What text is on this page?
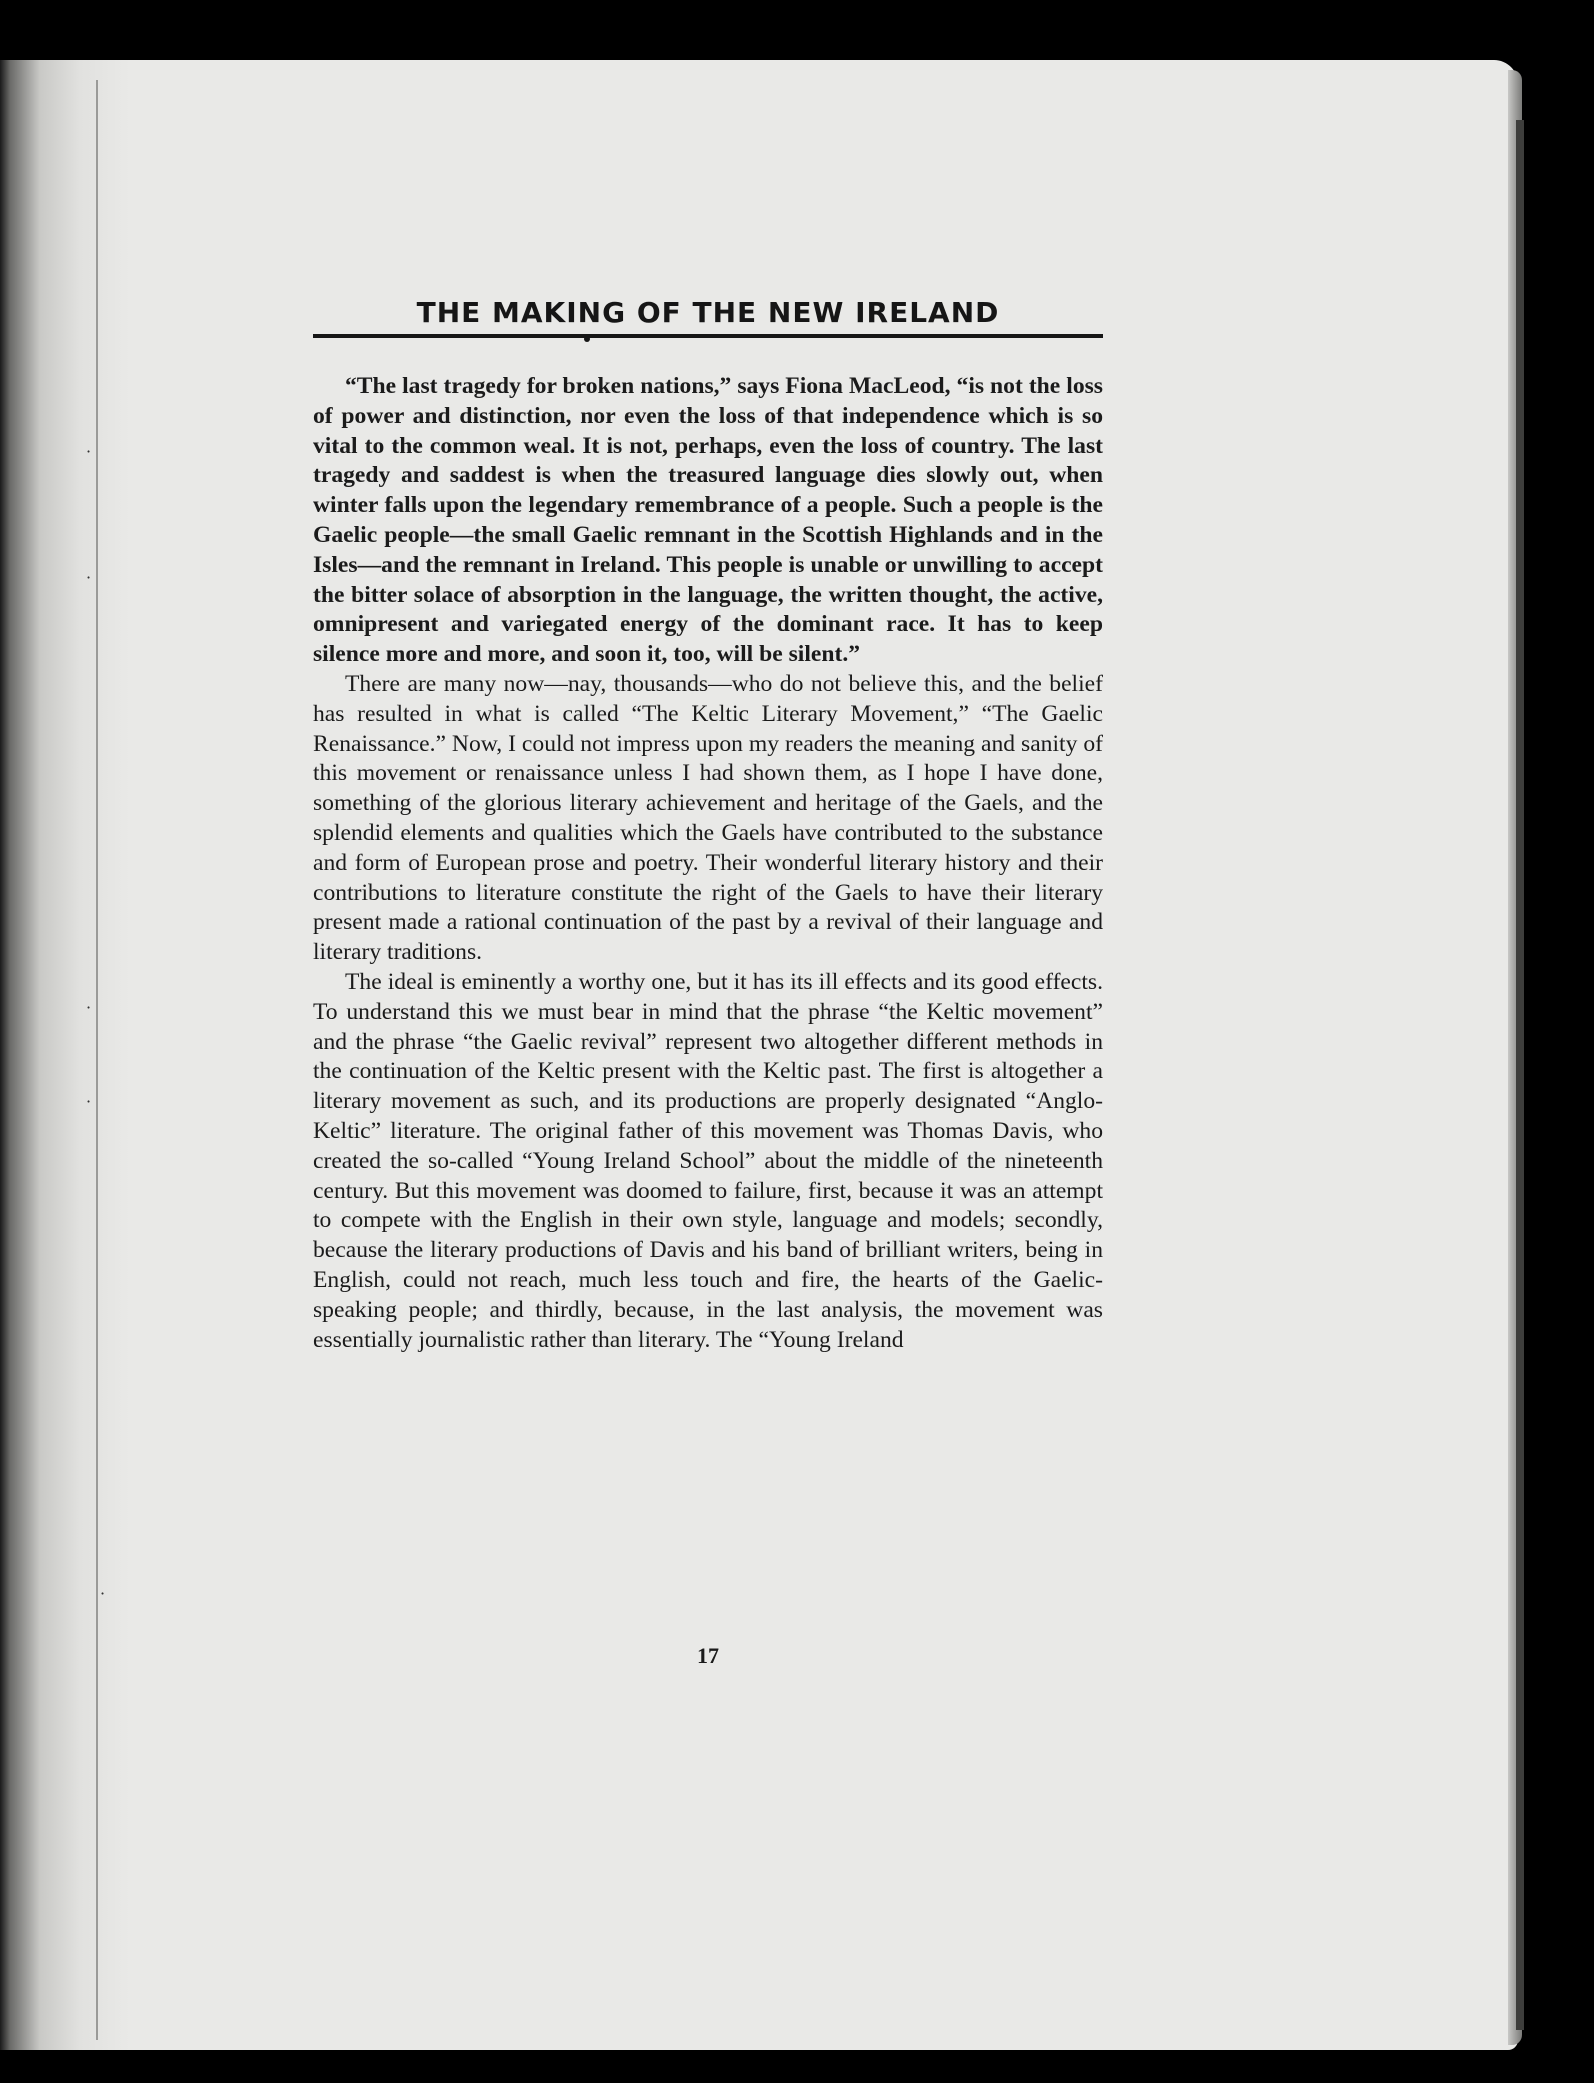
·
·
·
·
·
THE MAKING OF THE NEW IRELAND

“The last tragedy for broken nations,” says Fiona MacLeod, “is not the loss of power and distinction, nor even the loss of that independence which is so vital to the common weal. It is not, perhaps, even the loss of country. The last tragedy and saddest is when the treasured language dies slowly out, when winter falls upon the legendary remembrance of a people. Such a people is the Gaelic people—the small Gaelic remnant in the Scottish Highlands and in the Isles—and the remnant in Ireland. This people is unable or unwilling to accept the bitter solace of absorption in the language, the written thought, the active, omnipresent and variegated energy of the dominant race. It has to keep silence more and more, and soon it, too, will be silent.”

There are many now—nay, thousands—who do not believe this, and the belief has resulted in what is called “The Keltic Literary Movement,” “The Gaelic Renaissance.” Now, I could not impress upon my readers the meaning and sanity of this movement or renaissance unless I had shown them, as I hope I have done, something of the glorious literary achievement and heritage of the Gaels, and the splendid elements and qualities which the Gaels have contributed to the substance and form of European prose and poetry. Their wonderful literary history and their contributions to literature constitute the right of the Gaels to have their literary present made a rational continuation of the past by a revival of their language and literary traditions.

The ideal is eminently a worthy one, but it has its ill effects and its good effects. To understand this we must bear in mind that the phrase “the Keltic movement” and the phrase “the Gaelic revival” represent two altogether different methods in the continuation of the Keltic present with the Keltic past. The first is altogether a literary movement as such, and its productions are properly designated “Anglo-Keltic” literature. The original father of this movement was Thomas Davis, who created the so-called “Young Ireland School” about the middle of the nineteenth century. But this movement was doomed to failure, first, because it was an attempt to compete with the English in their own style, language and models; secondly, because the literary productions of Davis and his band of brilliant writers, being in English, could not reach, much less touch and fire, the hearts of the Gaelic-speaking people; and thirdly, because, in the last analysis, the movement was essentially journalistic rather than literary. The “Young Ireland

17
